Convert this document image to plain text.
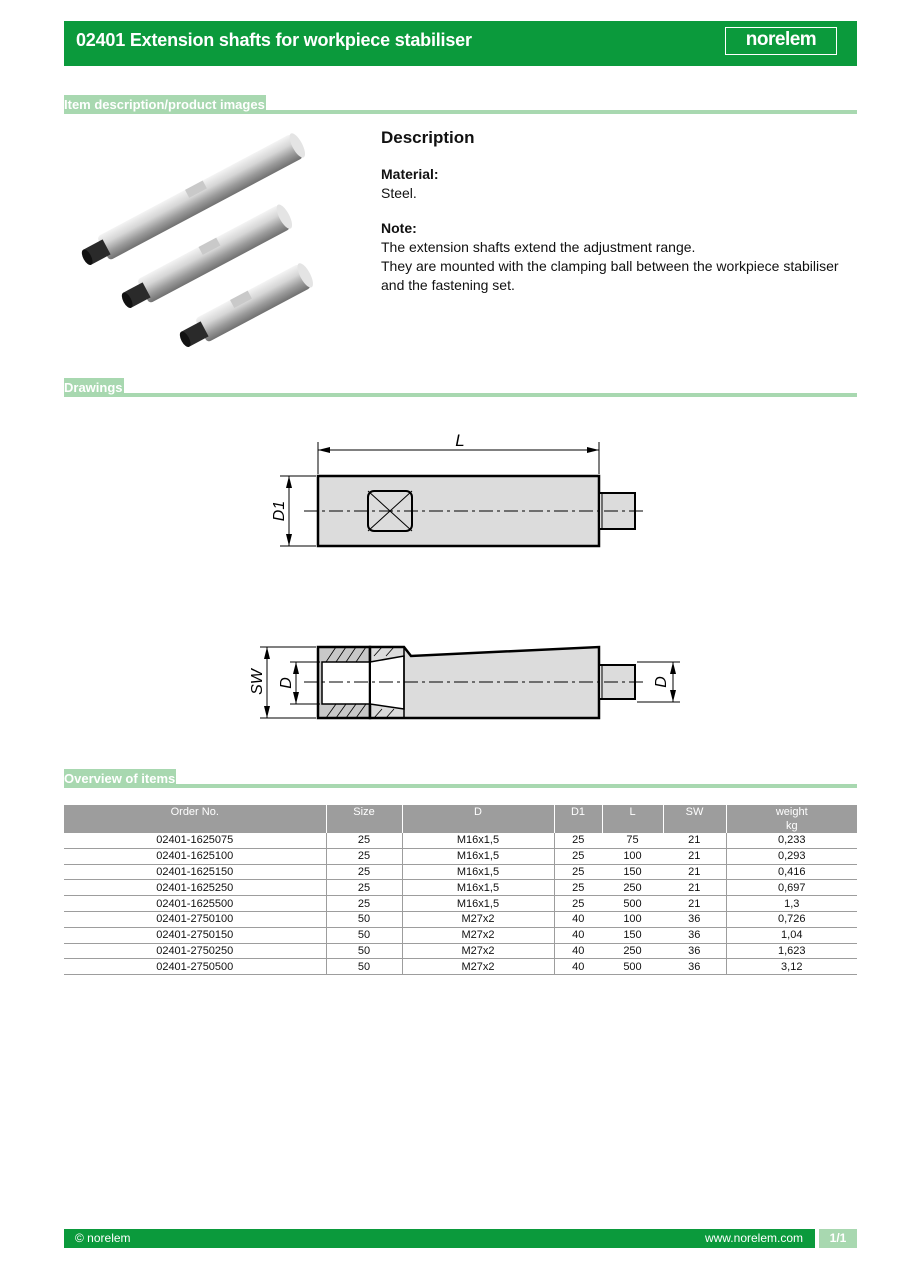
02401 Extension shafts for workpiece stabiliser	norelem
Item description/product images
Description

Material:

Steel.

Note:

The extension shafts extend the adjustment range.

They are mounted with the clamping ball between the workpiece stabiliser and the fastening set.

Drawings
L
D1
SW D	D
Overview of items
Order No.	Size	D	D1	L	SW	weight
kg
02401-1625075	25	M16x1,5	25	75	21	0,233
02401-1625100	25	M16x1,5	25	100	21	0,293
02401-1625150	25	M16x1,5	25	150	21	0,416
02401-1625250	25	M16x1,5	25	250	21	0,697
02401-1625500	25	M16x1,5	25	500	21	1,3
02401-2750100	50	M27x2	40	100	36	0,726
02401-2750150	50	M27x2	40	150	36	1,04
02401-2750250	50	M27x2	40	250	36	1,623
02401-2750500	50	M27x2	40	500	36	3,12
© norelem	www.norelem.com	1/1
